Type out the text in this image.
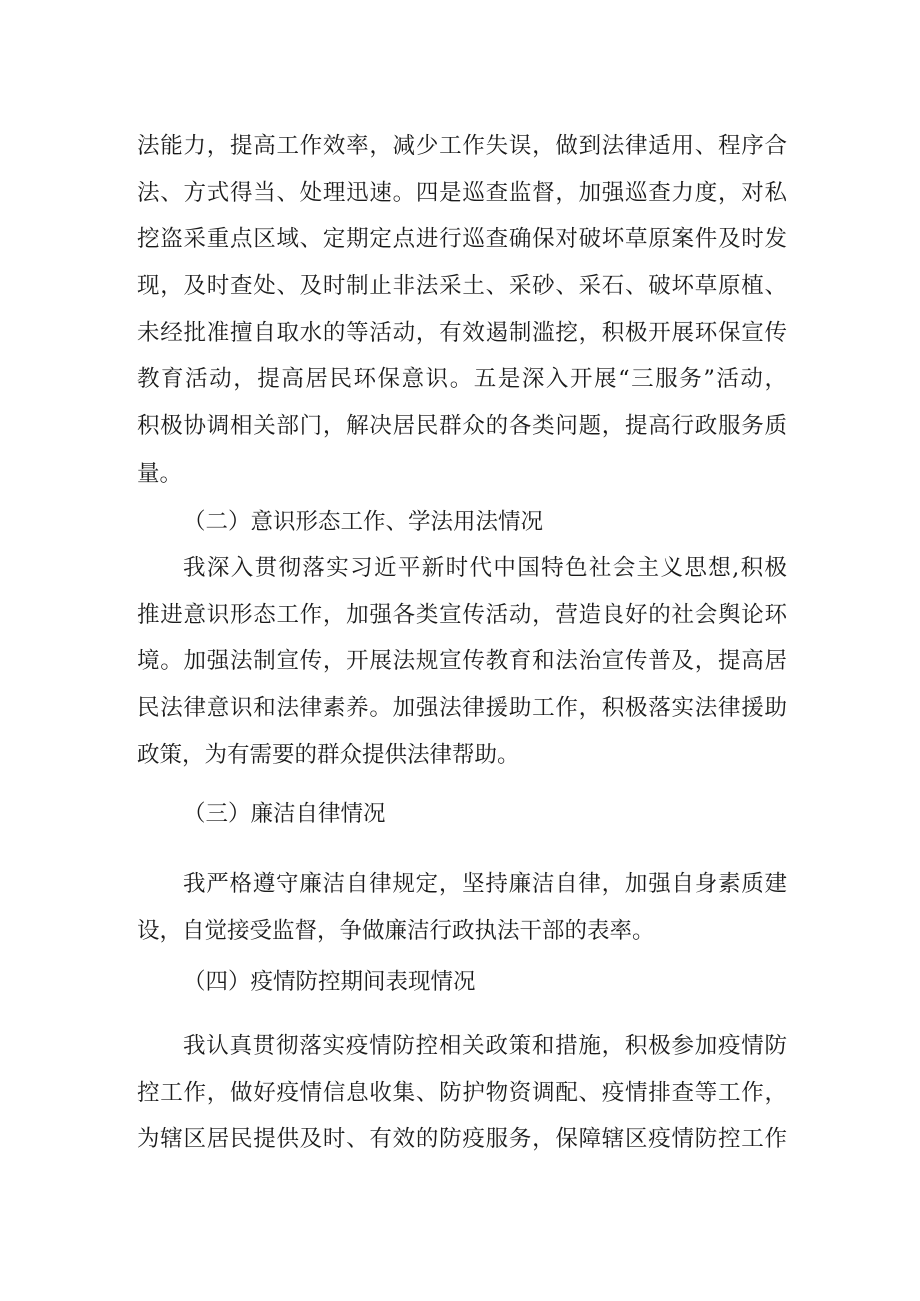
法能力，提高工作效率，减少工作失误，做到法律适用、程序合
法、方式得当、处理迅速。四是巡查监督，加强巡查力度，对私
挖盗采重点区域、定期定点进行巡查确保对破坏草原案件及时发
现，及时查处、及时制止非法采土、采砂、采石、破坏草原植、
未经批准擅自取水的等活动，有效遏制滥挖，积极开展环保宣传
教育活动，提高居民环保意识。五是深入开展“三服务”活动，
积极协调相关部门，解决居民群众的各类问题，提高行政服务质
量。
（二）意识形态工作、学法用法情况
我深入贯彻落实习近平新时代中国特色社会主义思想,积极
推进意识形态工作，加强各类宣传活动，营造良好的社会舆论环
境。加强法制宣传，开展法规宣传教育和法治宣传普及，提高居
民法律意识和法律素养。加强法律援助工作，积极落实法律援助
政策，为有需要的群众提供法律帮助。
（三）廉洁自律情况
我严格遵守廉洁自律规定，坚持廉洁自律，加强自身素质建
设，自觉接受监督，争做廉洁行政执法干部的表率。
（四）疫情防控期间表现情况
我认真贯彻落实疫情防控相关政策和措施，积极参加疫情防
控工作，做好疫情信息收集、防护物资调配、疫情排查等工作，
为辖区居民提供及时、有效的防疫服务，保障辖区疫情防控工作
